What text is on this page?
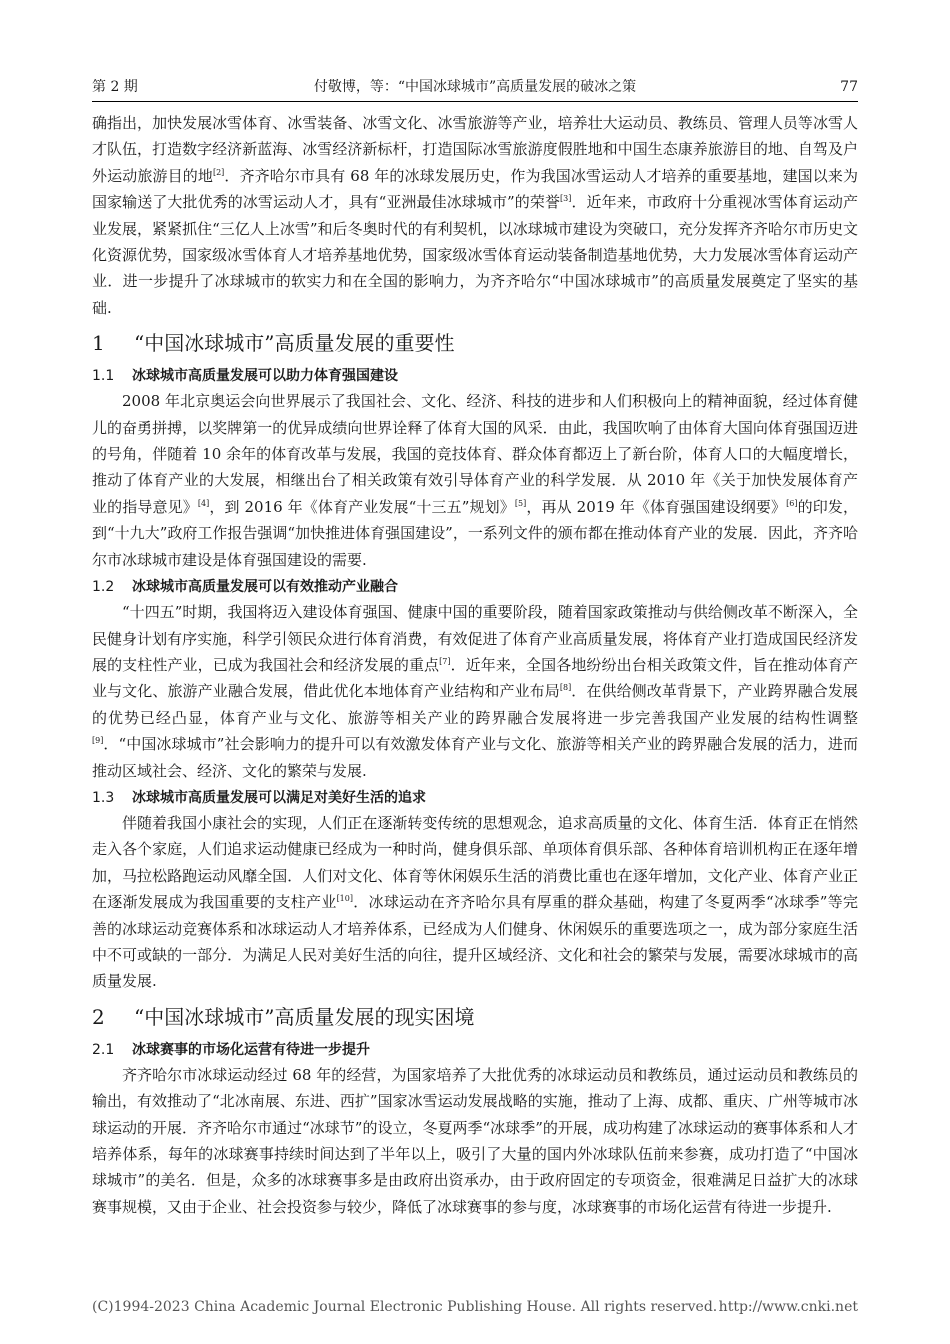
第 2 期	付敬博，等：“中国冰球城市”高质量发展的破冰之策	77

确指出，加快发展冰雪体育、冰雪装备、冰雪文化、冰雪旅游等产业，培养壮大运动员、教练员、管理人员等冰雪人才队伍，打造数字经济新蓝海、冰雪经济新标杆，打造国际冰雪旅游度假胜地和中国生态康养旅游目的地、自驾及户外运动旅游目的地[2]．齐齐哈尔市具有 68 年的冰球发展历史，作为我国冰雪运动人才培养的重要基地，建国以来为国家输送了大批优秀的冰雪运动人才，具有“亚洲最佳冰球城市”的荣誉[3]．近年来，市政府十分重视冰雪体育运动产业发展，紧紧抓住“三亿人上冰雪”和后冬奥时代的有利契机，以冰球城市建设为突破口，充分发挥齐齐哈尔市历史文化资源优势，国家级冰雪体育人才培养基地优势，国家级冰雪体育运动装备制造基地优势，大力发展冰雪体育运动产业．进一步提升了冰球城市的软实力和在全国的影响力，为齐齐哈尔“中国冰球城市”的高质量发展奠定了坚实的基础.

1	“中国冰球城市”高质量发展的重要性
1.1	冰球城市高质量发展可以助力体育强国建设

2008 年北京奥运会向世界展示了我国社会、文化、经济、科技的进步和人们积极向上的精神面貌，经过体育健儿的奋勇拼搏，以奖牌第一的优异成绩向世界诠释了体育大国的风采．由此，我国吹响了由体育大国向体育强国迈进的号角，伴随着 10 余年的体育改革与发展，我国的竞技体育、群众体育都迈上了新台阶，体育人口的大幅度增长，推动了体育产业的大发展，相继出台了相关政策有效引导体育产业的科学发展．从 2010 年《关于加快发展体育产业的指导意见》[4]，到 2016 年《体育产业发展“十三五”规划》[5]，再从 2019 年《体育强国建设纲要》[6]的印发，到“十九大”政府工作报告强调“加快推进体育强国建设”，一系列文件的颁布都在推动体育产业的发展．因此，齐齐哈尔市冰球城市建设是体育强国建设的需要.

1.2	冰球城市高质量发展可以有效推动产业融合

“十四五”时期，我国将迈入建设体育强国、健康中国的重要阶段，随着国家政策推动与供给侧改革不断深入，全民健身计划有序实施，科学引领民众进行体育消费，有效促进了体育产业高质量发展，将体育产业打造成国民经济发展的支柱性产业，已成为我国社会和经济发展的重点[7]．近年来，全国各地纷纷出台相关政策文件，旨在推动体育产业与文化、旅游产业融合发展，借此优化本地体育产业结构和产业布局[8]．在供给侧改革背景下，产业跨界融合发展的优势已经凸显，体育产业与文化、旅游等相关产业的跨界融合发展将进一步完善我国产业发展的结构性调整[9]．“中国冰球城市”社会影响力的提升可以有效激发体育产业与文化、旅游等相关产业的跨界融合发展的活力，进而推动区域社会、经济、文化的繁荣与发展.

1.3	冰球城市高质量发展可以满足对美好生活的追求

伴随着我国小康社会的实现，人们正在逐渐转变传统的思想观念，追求高质量的文化、体育生活．体育正在悄然走入各个家庭，人们追求运动健康已经成为一种时尚，健身俱乐部、单项体育俱乐部、各种体育培训机构正在逐年增加，马拉松路跑运动风靡全国．人们对文化、体育等休闲娱乐生活的消费比重也在逐年增加，文化产业、体育产业正在逐渐发展成为我国重要的支柱产业[10]．冰球运动在齐齐哈尔具有厚重的群众基础，构建了冬夏两季“冰球季”等完善的冰球运动竞赛体系和冰球运动人才培养体系，已经成为人们健身、休闲娱乐的重要选项之一，成为部分家庭生活中不可或缺的一部分．为满足人民对美好生活的向往，提升区域经济、文化和社会的繁荣与发展，需要冰球城市的高质量发展.

2	“中国冰球城市”高质量发展的现实困境
2.1	冰球赛事的市场化运营有待进一步提升

齐齐哈尔市冰球运动经过 68 年的经营，为国家培养了大批优秀的冰球运动员和教练员，通过运动员和教练员的输出，有效推动了“北冰南展、东进、西扩”国家冰雪运动发展战略的实施，推动了上海、成都、重庆、广州等城市冰球运动的开展．齐齐哈尔市通过“冰球节”的设立，冬夏两季“冰球季”的开展，成功构建了冰球运动的赛事体系和人才培养体系，每年的冰球赛事持续时间达到了半年以上，吸引了大量的国内外冰球队伍前来参赛，成功打造了“中国冰球城市”的美名．但是，众多的冰球赛事多是由政府出资承办，由于政府固定的专项资金，很难满足日益扩大的冰球赛事规模，又由于企业、社会投资参与较少，降低了冰球赛事的参与度，冰球赛事的市场化运营有待进一步提升.

(C)1994-2023 China Academic Journal Electronic Publishing House. All rights reserved. http://www.cnki.net
